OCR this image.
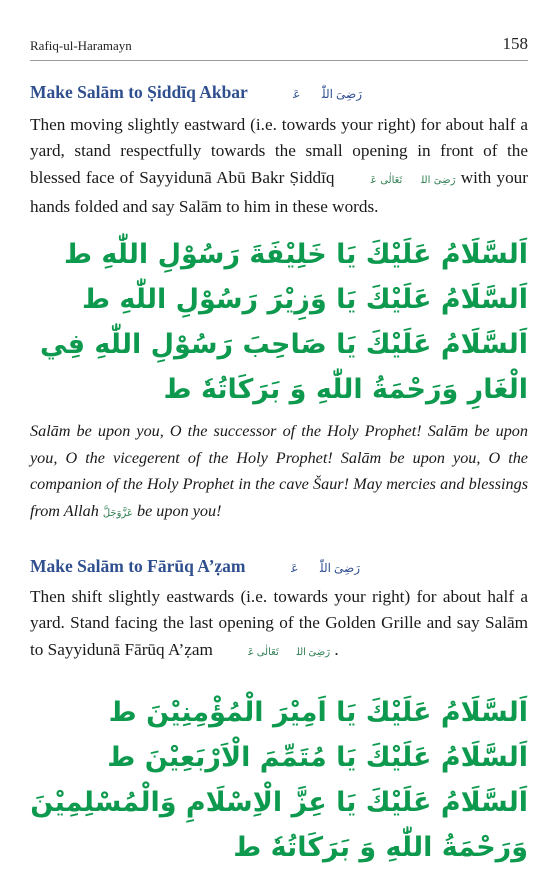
Rafiq-ul-Haramayn	158
Make Salām to Ṣiddīq Akbar رَضِیَ اللّٰہُ عَنۡہُ
Then moving slightly eastward (i.e. towards your right) for about half a yard, stand respectfully towards the small opening in front of the blessed face of Sayyidunā Abū Bakr Ṣiddīq رَضِیَ اللہُ تَعَالٰی عَنۡہُ with your hands folded and say Salām to him in these words.
اَلسَّلَامُ عَلَيْكَ يَا خَلِيْفَةَ رَسُوْلِ اللّٰهِ ط اَلسَّلَامُ عَلَيْكَ يَا وَزِيْرَ رَسُوْلِ اللّٰهِ ط اَلسَّلَامُ عَلَيْكَ يَا صَاحِبَ رَسُوْلِ اللّٰهِ فِي الْغَارِ وَرَحْمَةُ اللّٰهِ وَ بَرَكَاتُهٗ ط
Salām be upon you, O the successor of the Holy Prophet! Salām be upon you, O the vicegerent of the Holy Prophet! Salām be upon you, O the companion of the Holy Prophet in the cave Šaur! May mercies and blessings from Allah عَزَّوَجَلَّ be upon you!
Make Salām to Fārūq A’ẓam رَضِیَ اللّٰہُ عَنۡہُ
Then shift slightly eastwards (i.e. towards your right) for about half a yard. Stand facing the last opening of the Golden Grille and say Salām to Sayyidunā Fārūq A’ẓam رَضِیَ اللہُ تَعَالٰی عَنۡہُ .
اَلسَّلَامُ عَلَيْكَ يَا اَمِيْرَ الْمُؤْمِنِيْنَ ط اَلسَّلَامُ عَلَيْكَ يَا مُتَمِّمَ الْاَرْبَعِيْنَ ط اَلسَّلَامُ عَلَيْكَ يَا عِزَّ الْاِسْلَامِ وَالْمُسْلِمِيْنَ وَرَحْمَةُ اللّٰهِ وَ بَرَكَاتُهٗ ط
